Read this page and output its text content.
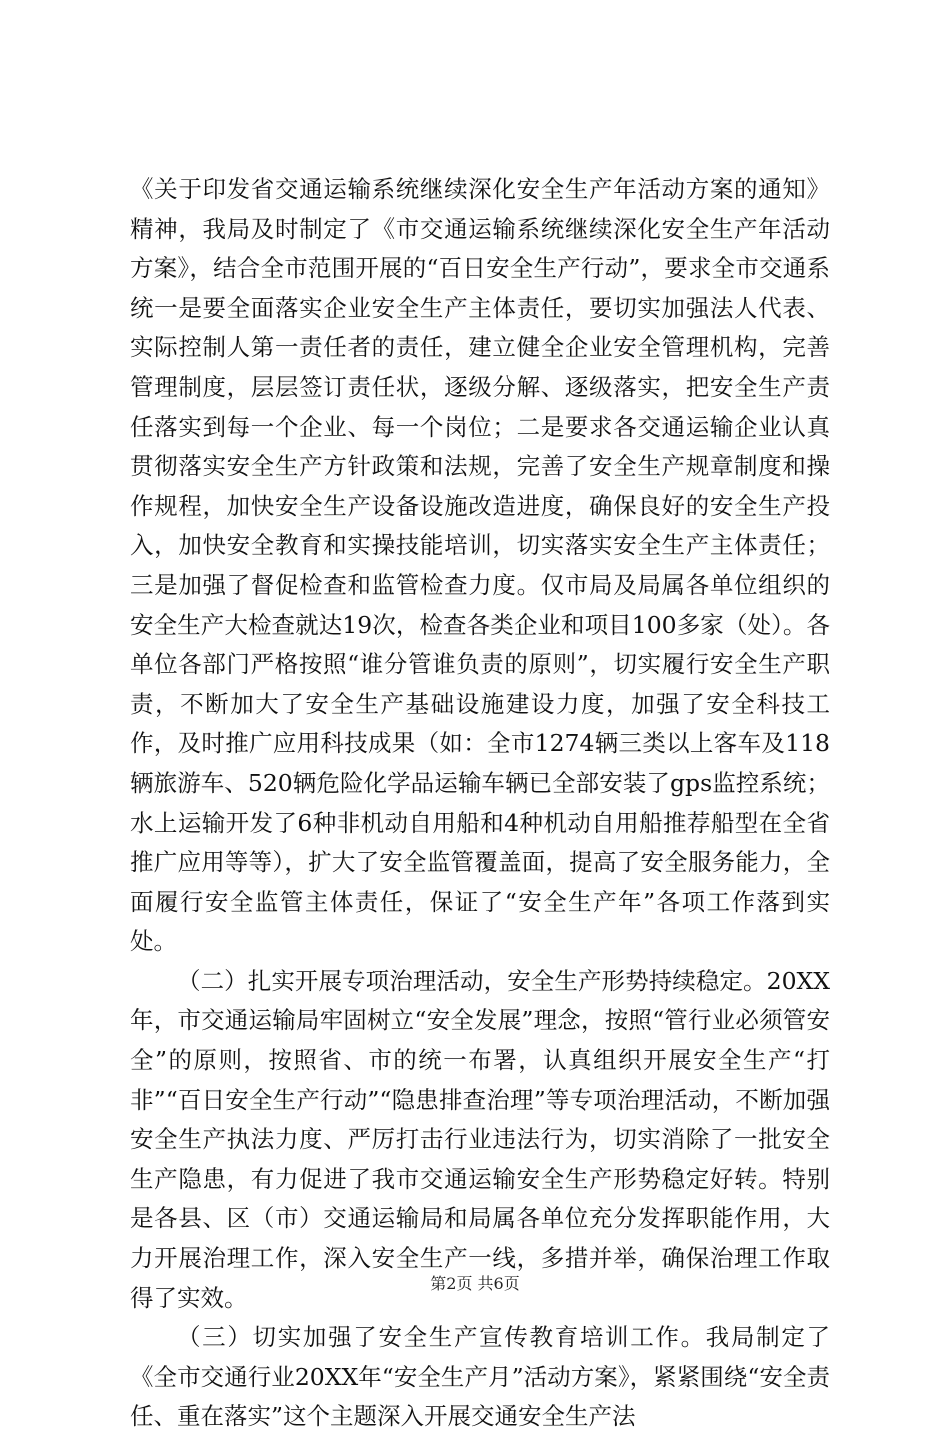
《关于印发省交通运输系统继续深化安全生产年活动方案的通知》精神，我局及时制定了《市交通运输系统继续深化安全生产年活动方案》，结合全市范围开展的“百日安全生产行动”，要求全市交通系统一是要全面落实企业安全生产主体责任，要切实加强法人代表、实际控制人第一责任者的责任，建立健全企业安全管理机构，完善管理制度，层层签订责任状，逐级分解、逐级落实，把安全生产责任落实到每一个企业、每一个岗位；二是要求各交通运输企业认真贯彻落实安全生产方针政策和法规，完善了安全生产规章制度和操作规程，加快安全生产设备设施改造进度，确保良好的安全生产投入，加快安全教育和实操技能培训，切实落实安全生产主体责任；三是加强了督促检查和监管检查力度。仅市局及局属各单位组织的安全生产大检查就达19次，检查各类企业和项目100多家（处）。各单位各部门严格按照“谁分管谁负责的原则”，切实履行安全生产职责，不断加大了安全生产基础设施建设力度，加强了安全科技工作，及时推广应用科技成果（如：全市1274辆三类以上客车及118辆旅游车、520辆危险化学品运输车辆已全部安装了gps监控系统；水上运输开发了6种非机动自用船和4种机动自用船推荐船型在全省推广应用等等），扩大了安全监管覆盖面，提高了安全服务能力，全面履行安全监管主体责任，保证了“安全生产年”各项工作落到实处。

（二）扎实开展专项治理活动，安全生产形势持续稳定。20XX年，市交通运输局牢固树立“安全发展”理念，按照“管行业必须管安全”的原则，按照省、市的统一布署，认真组织开展安全生产“打非”“百日安全生产行动”“隐患排查治理”等专项治理活动，不断加强安全生产执法力度、严厉打击行业违法行为，切实消除了一批安全生产隐患，有力促进了我市交通运输安全生产形势稳定好转。特别是各县、区（市）交通运输局和局属各单位充分发挥职能作用，大力开展治理工作，深入安全生产一线，多措并举，确保治理工作取得了实效。

（三）切实加强了安全生产宣传教育培训工作。我局制定了《全市交通行业20XX年“安全生产月”活动方案》，紧紧围绕“安全责任、重在落实”这个主题深入开展交通安全生产法

第2页 共6页
